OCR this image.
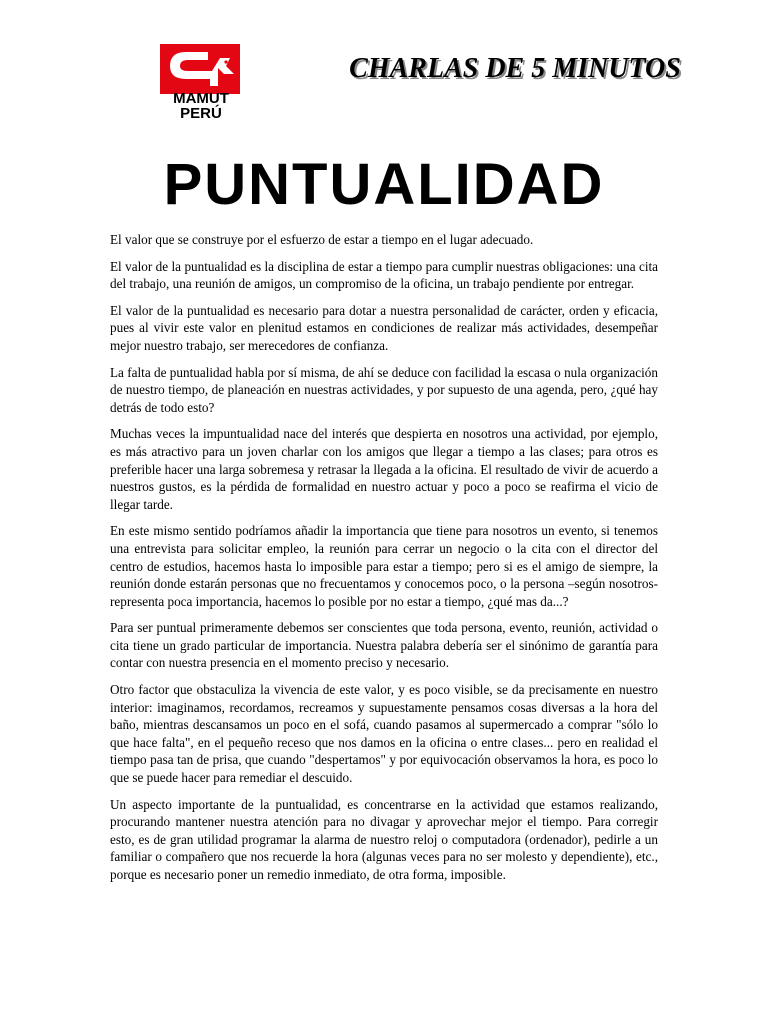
MAMUT
PERÚ
CHARLAS DE 5 MINUTOS
PUNTUALIDAD

El valor que se construye por el esfuerzo de estar a tiempo en el lugar adecuado.

El valor de la puntualidad es la disciplina de estar a tiempo para cumplir nuestras obligaciones: una cita del trabajo, una reunión de amigos, un compromiso de la oficina, un trabajo pendiente por entregar.

El valor de la puntualidad es necesario para dotar a nuestra personalidad de carácter, orden y eficacia, pues al vivir este valor en plenitud estamos en condiciones de realizar más actividades, desempeñar mejor nuestro trabajo, ser merecedores de confianza.

La falta de puntualidad habla por sí misma, de ahí se deduce con facilidad la escasa o nula organización de nuestro tiempo, de planeación en nuestras actividades, y por supuesto de una agenda, pero, ¿qué hay detrás de todo esto?

Muchas veces la impuntualidad nace del interés que despierta en nosotros una actividad, por ejemplo, es más atractivo para un joven charlar con los amigos que llegar a tiempo a las clases; para otros es preferible hacer una larga sobremesa y retrasar la llegada a la oficina. El resultado de vivir de acuerdo a nuestros gustos, es la pérdida de formalidad en nuestro actuar y poco a poco se reafirma el vicio de llegar tarde.

En este mismo sentido podríamos añadir la importancia que tiene para nosotros un evento, si tenemos una entrevista para solicitar empleo, la reunión para cerrar un negocio o la cita con el director del centro de estudios, hacemos hasta lo imposible para estar a tiempo; pero si es el amigo de siempre, la reunión donde estarán personas que no frecuentamos y conocemos poco, o la persona –según nosotros- representa poca importancia, hacemos lo posible por no estar a tiempo, ¿qué mas da...?

Para ser puntual primeramente debemos ser conscientes que toda persona, evento, reunión, actividad o cita tiene un grado particular de importancia. Nuestra palabra debería ser el sinónimo de garantía para contar con nuestra presencia en el momento preciso y necesario.

Otro factor que obstaculiza la vivencia de este valor, y es poco visible, se da precisamente en nuestro interior: imaginamos, recordamos, recreamos y supuestamente pensamos cosas diversas a la hora del baño, mientras descansamos un poco en el sofá, cuando pasamos al supermercado a comprar "sólo lo que hace falta", en el pequeño receso que nos damos en la oficina o entre clases... pero en realidad el tiempo pasa tan de prisa, que cuando "despertamos" y por equivocación observamos la hora, es poco lo que se puede hacer para remediar el descuido.

Un aspecto importante de la puntualidad, es concentrarse en la actividad que estamos realizando, procurando mantener nuestra atención para no divagar y aprovechar mejor el tiempo. Para corregir esto, es de gran utilidad programar la alarma de nuestro reloj o computadora (ordenador), pedirle a un familiar o compañero que nos recuerde la hora (algunas veces para no ser molesto y dependiente), etc., porque es necesario poner un remedio inmediato, de otra forma, imposible.
